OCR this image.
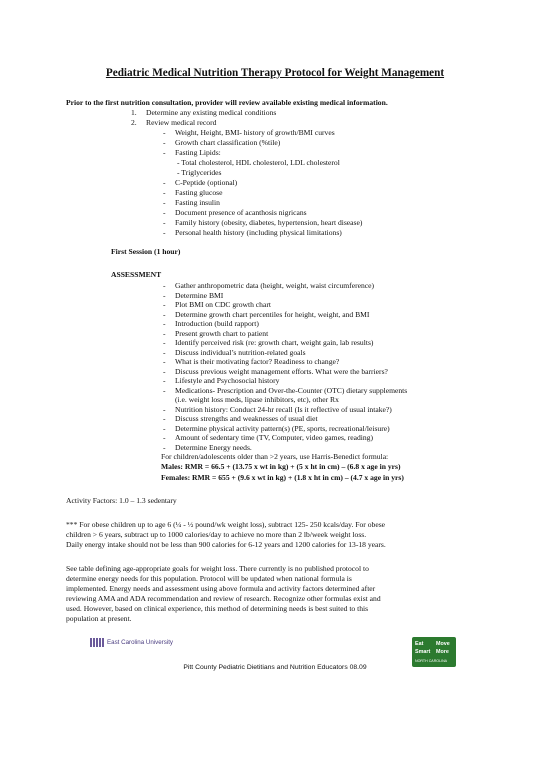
Pediatric Medical Nutrition Therapy Protocol for Weight Management
Prior to the first nutrition consultation, provider will review available existing medical information.
1. Determine any existing medical conditions
2. Review medical record
- Weight, Height, BMI- history of growth/BMI curves
- Growth chart classification (%tile)
- Fasting Lipids:
- Total cholesterol, HDL cholesterol, LDL cholesterol
- Triglycerides
- C-Peptide (optional)
- Fasting glucose
- Fasting insulin
- Document presence of acanthosis nigricans
- Family history (obesity, diabetes, hypertension, heart disease)
- Personal health history (including physical limitations)
First Session (1 hour)
ASSESSMENT
- Gather anthropometric data (height, weight, waist circumference)
- Determine BMI
- Plot BMI on CDC growth chart
- Determine growth chart percentiles for height, weight, and BMI
- Introduction (build rapport)
- Present growth chart to patient
- Identify perceived risk (re: growth chart, weight gain, lab results)
- Discuss individual’s nutrition-related goals
- What is their motivating factor? Readiness to change?
- Discuss previous weight management efforts. What were the barriers?
- Lifestyle and Psychosocial history
- Medications- Prescription and Over-the-Counter (OTC) dietary supplements
(i.e. weight loss meds, lipase inhibitors, etc), other Rx
- Nutrition history: Conduct 24-hr recall (Is it reflective of usual intake?)
- Discuss strengths and weaknesses of usual diet
- Determine physical activity pattern(s) (PE, sports, recreational/leisure)
- Amount of sedentary time (TV, Computer, video games, reading)
- Determine Energy needs.
For children/adolescents older than >2 years, use Harris-Benedict formula:
Males: RMR = 66.5 + (13.75 x wt in kg) + (5 x ht in cm) – (6.8 x age in yrs)
Females: RMR = 655 + (9.6 x wt in kg) + (1.8 x ht in cm) – (4.7 x age in yrs)
Activity Factors: 1.0 – 1.3 sedentary
*** For obese children up to age 6 (¼ - ½ pound/wk weight loss), subtract 125- 250 kcals/day. For obese
children > 6 years, subtract up to 1000 calories/day to achieve no more than 2 lb/week weight loss.
Daily energy intake should not be less than 900 calories for 6-12 years and 1200 calories for 13-18 years.
See table defining age-appropriate goals for weight loss. There currently is no published protocol to
determine energy needs for this population. Protocol will be updated when national formula is
implemented. Energy needs and assessment using above formula and activity factors determined after
reviewing AMA and ADA recommendation and review of research. Recognize other formulas exist and
used. However, based on clinical experience, this method of determining needs is best suited to this
population at present.
East Carolina University	Eat Move
Smart More
NORTH CAROLINA
Pitt County Pediatric Dietitians and Nutrition Educators 08.09
